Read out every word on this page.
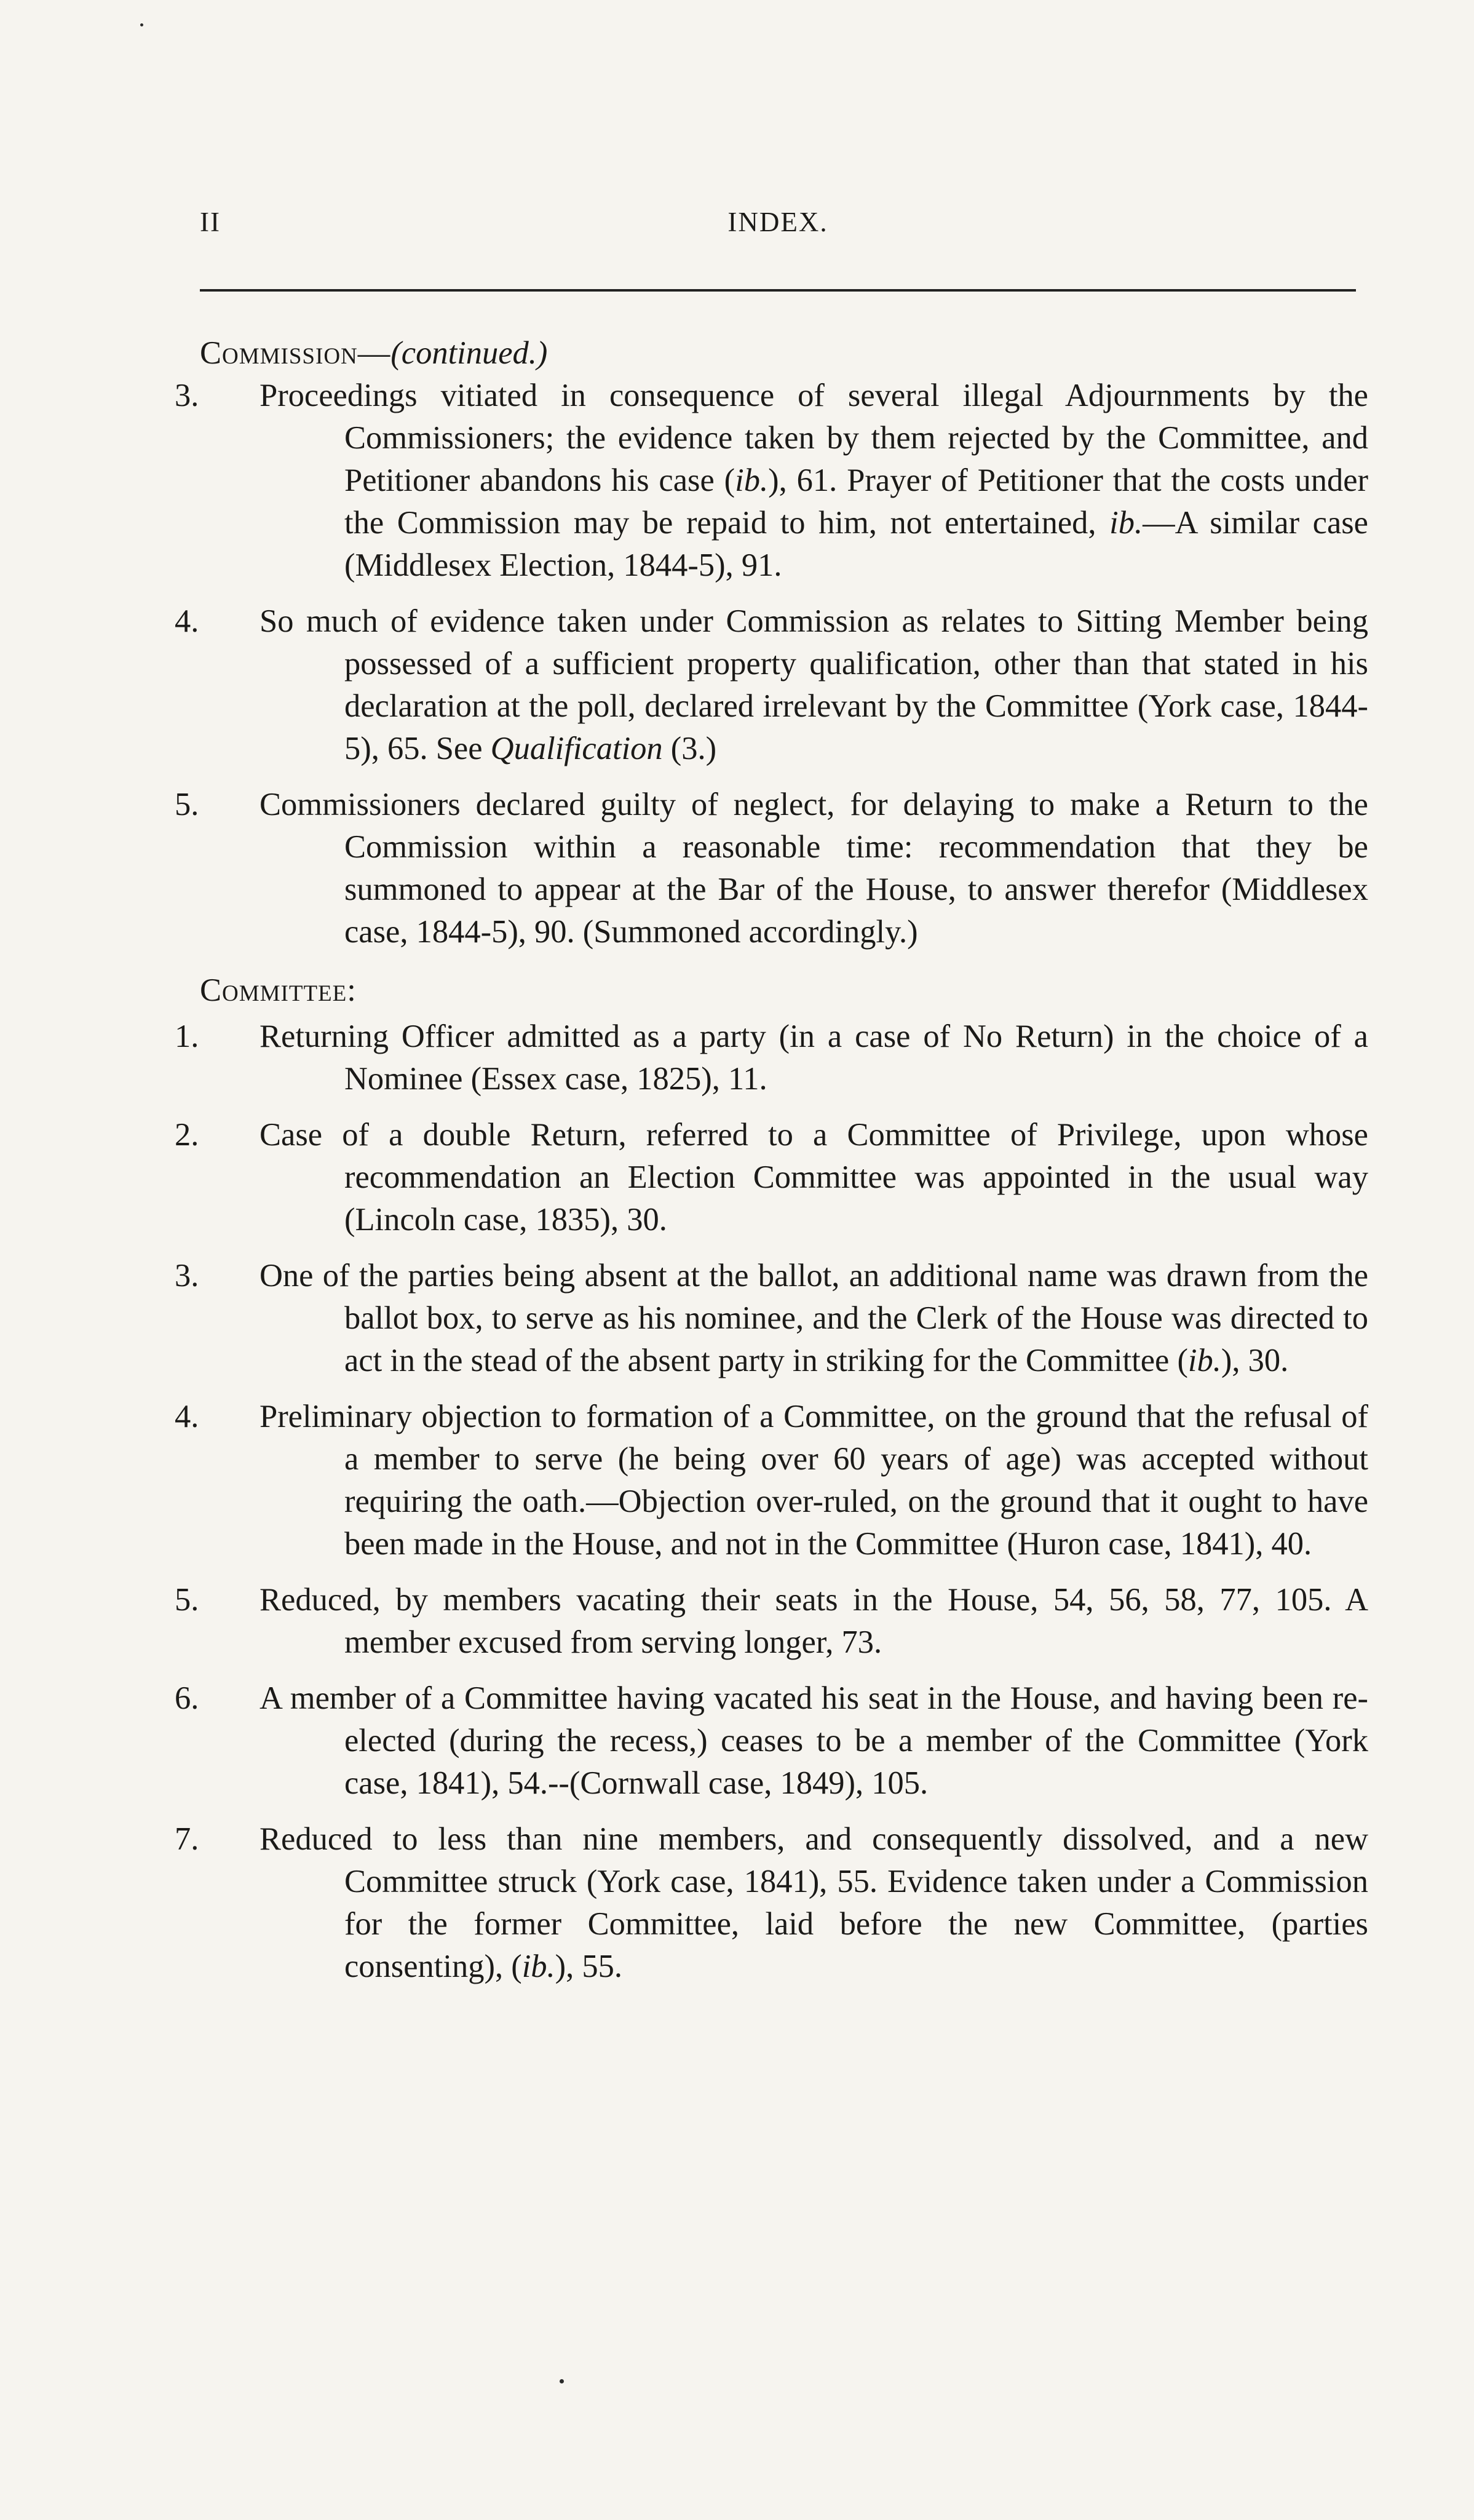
II	INDEX.

Commission—(continued.)

3.Proceedings vitiated in consequence of several illegal Adjournments by the Commissioners; the evidence taken by them rejected by the Committee, and Petitioner abandons his case (ib.), 61. Prayer of Petitioner that the costs under the Commission may be repaid to him, not entertained, ib.—A similar case (Middlesex Election, 1844-5), 91.

4.So much of evidence taken under Commission as relates to Sitting Member being possessed of a sufficient property qualification, other than that stated in his declaration at the poll, declared irrelevant by the Committee (York case, 1844-5), 65. See Qualification (3.)

5.Commissioners declared guilty of neglect, for delaying to make a Return to the Commission within a reasonable time: recommendation that they be summoned to appear at the Bar of the House, to answer therefor (Middlesex case, 1844-5), 90. (Summoned accordingly.)

Committee:

1.Returning Officer admitted as a party (in a case of No Return) in the choice of a Nominee (Essex case, 1825), 11.

2.Case of a double Return, referred to a Committee of Privilege, upon whose recommendation an Election Committee was appointed in the usual way (Lincoln case, 1835), 30.

3.One of the parties being absent at the ballot, an additional name was drawn from the ballot box, to serve as his nominee, and the Clerk of the House was directed to act in the stead of the absent party in striking for the Committee (ib.), 30.

4.Preliminary objection to formation of a Committee, on the ground that the refusal of a member to serve (he being over 60 years of age) was accepted without requiring the oath.—Objection over-ruled, on the ground that it ought to have been made in the House, and not in the Committee (Huron case, 1841), 40.

5.Reduced, by members vacating their seats in the House, 54, 56, 58, 77, 105. A member excused from serving longer, 73.

6.A member of a Committee having vacated his seat in the House, and having been re-elected (during the recess,) ceases to be a member of the Committee (York case, 1841), 54.--(Cornwall case, 1849), 105.

7.Reduced to less than nine members, and consequently dissolved, and a new Committee struck (York case, 1841), 55. Evidence taken under a Commission for the former Committee, laid before the new Committee, (parties consenting), (ib.), 55.
